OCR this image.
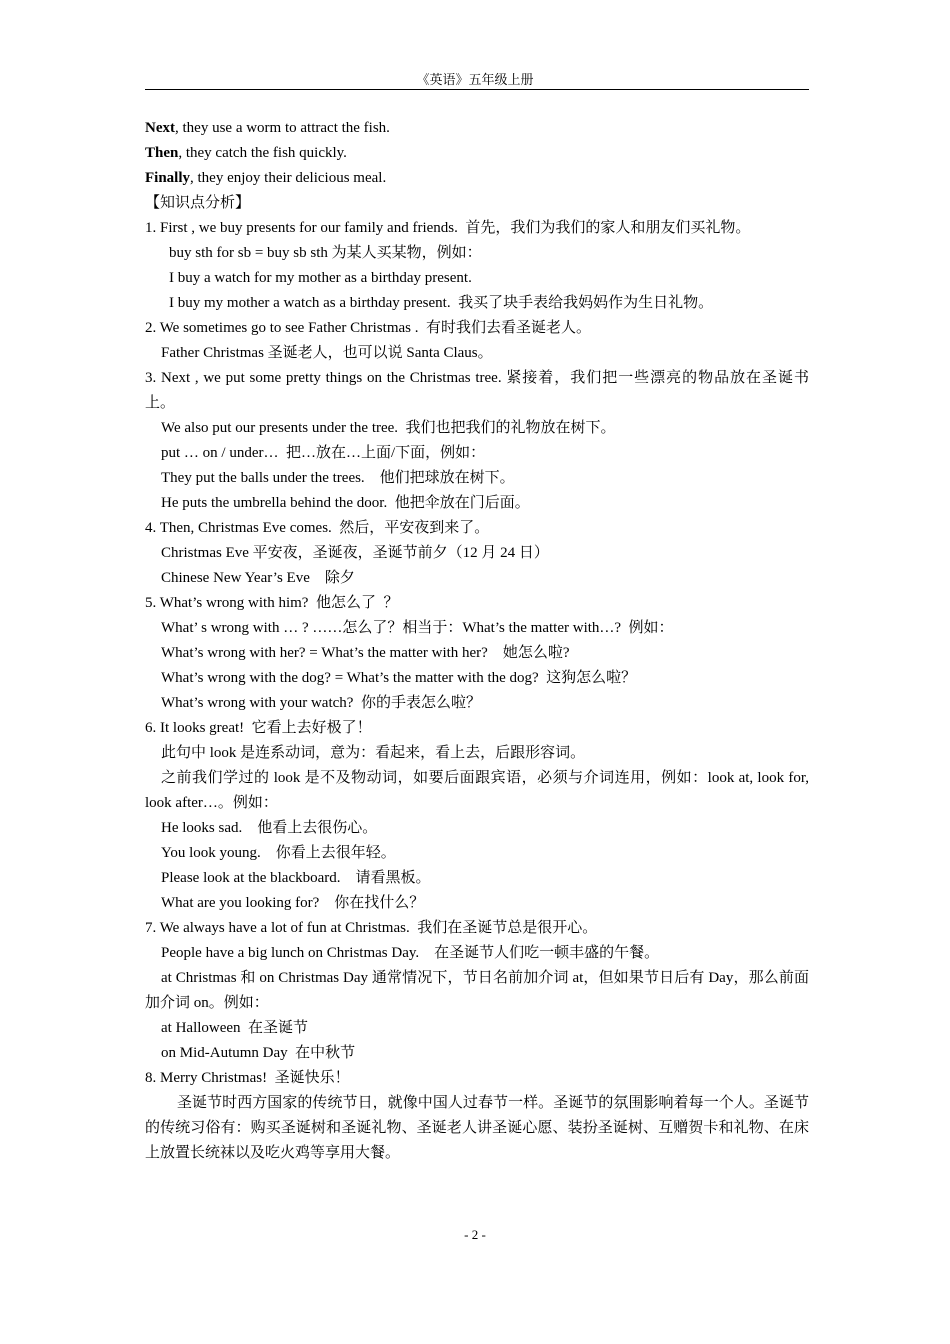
《英语》五年级上册
Next, they use a worm to attract the fish.
Then, they catch the fish quickly.
Finally, they enjoy their delicious meal.
【知识点分析】
1. First , we buy presents for our family and friends.  首先，我们为我们的家人和朋友们买礼物。
buy sth for sb = buy sb sth 为某人买某物，例如：
I buy a watch for my mother as a birthday present.
I buy my mother a watch as a birthday present.  我买了块手表给我妈妈作为生日礼物。
2. We sometimes go to see Father Christmas .  有时我们去看圣诞老人。
Father Christmas 圣诞老人，也可以说 Santa Claus。
3. Next , we put some pretty things on the Christmas tree. 紧接着，我们把一些漂亮的物品放在圣诞书上。
We also put our presents under the tree.  我们也把我们的礼物放在树下。
put … on / under…  把…放在…上面/下面，例如：
They put the balls under the trees.    他们把球放在树下。
He puts the umbrella behind the door.  他把伞放在门后面。
4. Then, Christmas Eve comes.  然后，平安夜到来了。
Christmas Eve 平安夜，圣诞夜，圣诞节前夕（12 月 24 日）
Chinese New Year’s Eve    除夕
5. What’s wrong with him?  他怎么了  ？
What’ s wrong with … ? ……怎么了？相当于：What’s the matter with…?  例如：
What’s wrong with her? = What’s the matter with her?    她怎么啦?
What’s wrong with the dog? = What’s the matter with the dog?  这狗怎么啦？
What’s wrong with your watch?  你的手表怎么啦？
6. It looks great!  它看上去好极了！
此句中 look 是连系动词，意为：看起来，看上去，后跟形容词。
之前我们学过的 look 是不及物动词，如要后面跟宾语，必须与介词连用，例如：look at, look for, look after…。例如：
He looks sad.    他看上去很伤心。
You look young.    你看上去很年轻。
Please look at the blackboard.    请看黑板。
What are you looking for?    你在找什么？
7. We always have a lot of fun at Christmas.  我们在圣诞节总是很开心。
People have a big lunch on Christmas Day.    在圣诞节人们吃一顿丰盛的午餐。
at Christmas 和 on Christmas Day 通常情况下，节日名前加介词 at，但如果节日后有 Day，那么前面加介词 on。例如：
at Halloween  在圣诞节
on Mid-Autumn Day  在中秋节
8. Merry Christmas!  圣诞快乐！
圣诞节时西方国家的传统节日，就像中国人过春节一样。圣诞节的氛围影响着每一个人。圣诞节的传统习俗有：购买圣诞树和圣诞礼物、圣诞老人讲圣诞心愿、装扮圣诞树、互赠贺卡和礼物、在床上放置长统袜以及吃火鸡等享用大餐。
- 2 -
